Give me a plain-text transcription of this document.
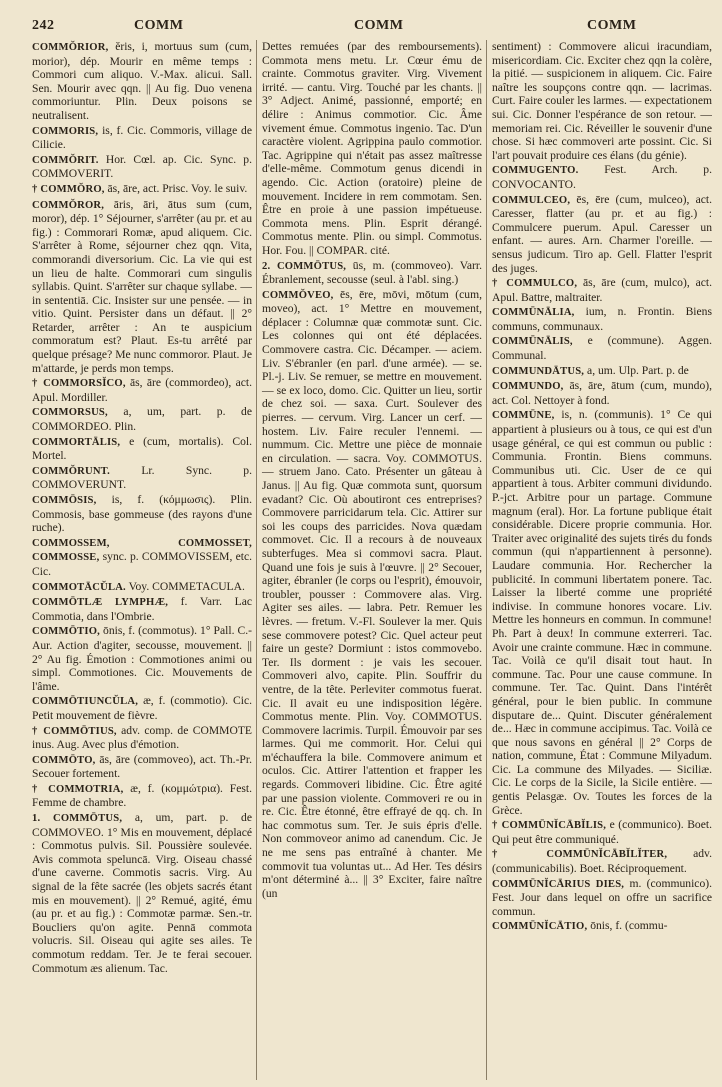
242	COMM	COMM	COMM
COMMŎRIOR, ĕris, i, mortuus sum (cum, morior), dép. Mourir en même temps : Commori cum aliquo. V.-Max. alicui. Sall. Sen. Mourir avec qqn. || Au fig. Duo venena commoriuntur. Plin. Deux poisons se neutralisent.
COMMORIS, is, f. Cic. Commoris, village de Cilicie.
COMMŎRIT. Hor. Cœl. ap. Cic. Sync. p. COMMOVERIT.
† COMMŎRO, ās, āre, act. Prisc. Voy. le suiv.
COMMŎROR, āris, āri, ātus sum (cum, moror), dép. 1° Séjourner, s'arrêter (au pr. et au fig.) : Commorari Romæ, apud aliquem. Cic. S'arrêter à Rome, séjourner chez qqn. Vita, commorandi diversorium. Cic. La vie qui est un lieu de halte. Commorari cum singulis syllabis. Quint. S'arrêter sur chaque syllabe. — in sententiā. Cic. Insister sur une pensée. — in vitio. Quint. Persister dans un défaut. || 2° Retarder, arrêter : An te auspicium commoratum est? Plaut. Es-tu arrêté par quelque présage? Me nunc commoror. Plaut. Je m'attarde, je perds mon temps.
† COMMORSĬCO, ās, āre (commordeo), act. Apul. Mordiller.
COMMORSUS, a, um, part. p. de COMMORDEO. Plin.
COMMORTĀLIS, e (cum, mortalis). Col. Mortel.
COMMŎRUNT. Lr. Sync. p. COMMOVERUNT.
COMMŌSIS, is, f. (κόμμωσις). Plin. Commosis, base gommeuse (des rayons d'une ruche).
COMMOSSEM, COMMOSSET, COMMOSSE, sync. p. COMMOVISSEM, etc. Cic.
COMMOTĀCŬLA. Voy. COMMETACULA.
COMMŌTLÆ LYMPHÆ, f. Varr. Lac Commotia, dans l'Ombrie.
COMMŌTIO, ōnis, f. (commotus). 1° Pall. C.-Aur. Action d'agiter, secousse, mouvement. || 2° Au fig. Émotion : Commotiones animi ou simpl. Commotiones. Cic. Mouvements de l'âme.
COMMŌTIUNCŬLA, æ, f. (commotio). Cic. Petit mouvement de fièvre.
† COMMŌTIUS, adv. comp. de COMMOTE inus. Aug. Avec plus d'émotion.
COMMŌTO, ās, āre (commoveo), act. Th.-Pr. Secouer fortement.
† COMMOTRIA, æ, f. (κομμώτρια). Fest. Femme de chambre.
1. COMMŌTUS, a, um, part. p. de COMMOVEO. 1° Mis en mouvement, déplacé : Commotus pulvis. Sil. Poussière soulevée. Avis commota speluncā. Virg. Oiseau chassé d'une caverne. Commotis sacris. Virg. Au signal de la fête sacrée (les objets sacrés étant mis en mouvement). || 2° Remué, agité, ému (au pr. et au fig.) : Commotæ parmæ. Sen.-tr. Boucliers qu'on agite. Pennā commota volucris. Sil. Oiseau qui agite ses ailes. Te commotum reddam. Ter. Je te ferai secouer. Commotum æs alienum. Tac.
Dettes remuées (par des remboursements). Commota mens metu. Lr. Cœur ému de crainte. Commotus graviter. Virg. Vivement irrité. — cantu. Virg. Touché par les chants. || 3° Adject. Animé, passionné, emporté; en délire : Animus commotior. Cic. Âme vivement émue. Commotus ingenio. Tac. D'un caractère violent. Agrippina paulo commotior. Tac. Agrippine qui n'était pas assez maîtresse d'elle-même. Commotum genus dicendi in agendo. Cic. Action (oratoire) pleine de mouvement. Incidere in rem commotam. Sen. Être en proie à une passion impétueuse. Commota mens. Plin. Esprit dérangé. Commotus mente. Plin. ou simpl. Commotus. Hor. Fou. || COMPAR. cité.
2. COMMŌTUS, ūs, m. (commoveo). Varr. Ébranlement, secousse (seul. à l'abl. sing.)
COMMŎVEO, ēs, ēre, mōvi, mōtum (cum, moveo), act. 1° Mettre en mouvement, déplacer : Columnæ quæ commotæ sunt. Cic. Les colonnes qui ont été déplacées. Commovere castra. Cic. Décamper. — aciem. Liv. S'ébranler (en parl. d'une armée). — se. Pl.-j. Liv. Se remuer, se mettre en mouvement. — se ex loco, domo. Cic. Quitter un lieu, sortir de chez soi. — saxa. Curt. Soulever des pierres. — cervum. Virg. Lancer un cerf. — hostem. Liv. Faire reculer l'ennemi. — nummum. Cic. Mettre une pièce de monnaie en circulation. — sacra. Voy. COMMOTUS. — struem Jano. Cato. Présenter un gâteau à Janus. || Au fig. Quæ commota sunt, quorsum evadant? Cic. Où aboutiront ces entreprises? Commovere parricidarum tela. Cic. Attirer sur soi les coups des parricides. Nova quædam commovet. Cic. Il a recours à de nouveaux subterfuges. Mea si commovi sacra. Plaut. Quand une fois je suis à l'œuvre. || 2° Secouer, agiter, ébranler (le corps ou l'esprit), émouvoir, troubler, pousser : Commovere alas. Virg. Agiter ses ailes. — labra. Petr. Remuer les lèvres. — fretum. V.-Fl. Soulever la mer. Quis sese commovere potest? Cic. Quel acteur peut faire un geste? Dormiunt : istos commovebo. Ter. Ils dorment : je vais les secouer. Commoveri alvo, capite. Plin. Souffrir du ventre, de la tête. Perleviter commotus fuerat. Cic. Il avait eu une indisposition légère. Commotus mente. Plin. Voy. COMMOTUS. Commovere lacrimis. Turpil. Émouvoir par ses larmes. Qui me commorit. Hor. Celui qui m'échauffera la bile. Commovere animum et oculos. Cic. Attirer l'attention et frapper les regards. Commoveri libidine. Cic. Être agité par une passion violente. Commoveri re ou in re. Cic. Être étonné, être effrayé de qq. ch. In hac commotus sum. Ter. Je suis épris d'elle. Non commoveor animo ad canendum. Cic. Je ne me sens pas entraîné à chanter. Me commovit tua voluntas ut... Ad Her. Tes désirs m'ont déterminé à... || 3° Exciter, faire naître (un
sentiment) : Commovere alicui iracundiam, misericordiam. Cic. Exciter chez qqn la colère, la pitié. — suspicionem in aliquem. Cic. Faire naître les soupçons contre qqn. — lacrimas. Curt. Faire couler les larmes. — expectationem sui. Cic. Donner l'espérance de son retour. — memoriam rei. Cic. Réveiller le souvenir d'une chose. Si hæc commoveri arte possint. Cic. Si l'art pouvait produire ces élans (du génie).
COMMUGENTO. Fest. Arch. p. CONVOCANTO.
COMMULCEO, ēs, ēre (cum, mulceo), act. Caresser, flatter (au pr. et au fig.) : Commulcere puerum. Apul. Caresser un enfant. — aures. Arn. Charmer l'oreille. — sensus judicum. Tiro ap. Gell. Flatter l'esprit des juges.
† COMMULCO, ās, āre (cum, mulco), act. Apul. Battre, maltraiter.
COMMŪNĀLIA, ium, n. Frontin. Biens communs, communaux.
COMMŪNĀLIS, e (commune). Aggen. Communal.
COMMUNDĀTUS, a, um. Ulp. Part. p. de
COMMUNDO, ās, āre, ātum (cum, mundo), act. Col. Nettoyer à fond.
COMMŪNE, is, n. (communis). 1° Ce qui appartient à plusieurs ou à tous, ce qui est d'un usage général, ce qui est commun ou public : Communia. Frontin. Biens communs. Communibus uti. Cic. User de ce qui appartient à tous. Arbiter communi dividundo. P.-jct. Arbitre pour un partage. Commune magnum (eral). Hor. La fortune publique était considérable. Dicere proprie communia. Hor. Traiter avec originalité des sujets tirés du fonds commun (qui n'appartiennent à personne). Laudare communia. Hor. Rechercher la publicité. In communi libertatem ponere. Tac. Laisser la liberté comme une propriété indivise. In commune honores vocare. Liv. Mettre les honneurs en commun. In commune! Ph. Part à deux! In commune exterreri. Tac. Avoir une crainte commune. Hæc in commune. Tac. Voilà ce qu'il disait tout haut. In commune. Tac. Pour une cause commune. In commune. Ter. Tac. Quint. Dans l'intérêt général, pour le bien public. In commune disputare de... Quint. Discuter généralement de... Hæc in commune accipimus. Tac. Voilà ce que nous savons en général || 2° Corps de nation, commune, État : Commune Milyadum. Cic. La commune des Milyades. — Siciliæ. Cic. Le corps de la Sicile, la Sicile entière. — gentis Pelasgæ. Ov. Toutes les forces de la Grèce.
† COMMŪNĬCĀBĬLIS, e (communico). Boet. Qui peut être communiqué.
† COMMŪNĬCĀBĬLĬTER, adv. (communicabilis). Boet. Réciproquement.
COMMŪNĬCĀRIUS DIES, m. (communico). Fest. Jour dans lequel on offre un sacrifice commun.
COMMŪNĬCĀTIO, ōnis, f. (commu-
